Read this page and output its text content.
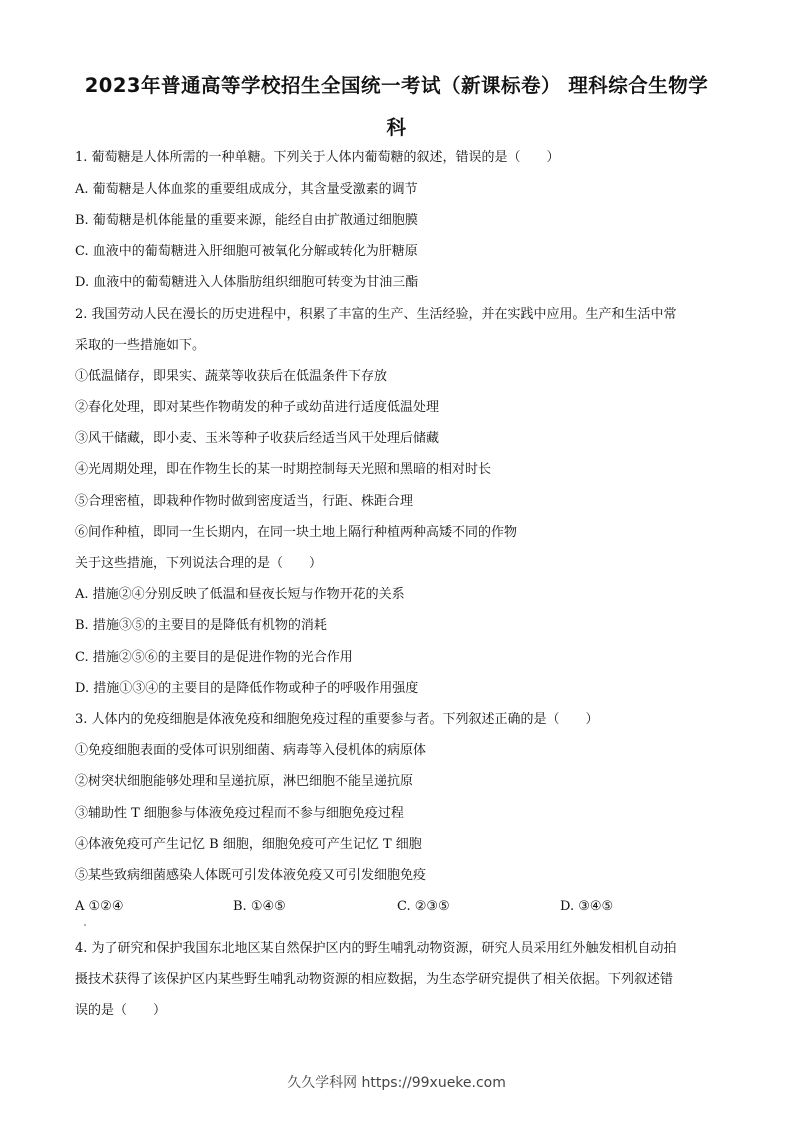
2023年普通高等学校招生全国统一考试（新课标卷） 理科综合生物学
科
1. 葡萄糖是人体所需的一种单糖。下列关于人体内葡萄糖的叙述，错误的是（　　）
A. 葡萄糖是人体血浆的重要组成成分，其含量受激素的调节
B. 葡萄糖是机体能量的重要来源，能经自由扩散通过细胞膜
C. 血液中的葡萄糖进入肝细胞可被氧化分解或转化为肝糖原
D. 血液中的葡萄糖进入人体脂肪组织细胞可转变为甘油三酯
2. 我国劳动人民在漫长的历史进程中，积累了丰富的生产、生活经验，并在实践中应用。生产和生活中常
采取的一些措施如下。
①低温储存，即果实、蔬菜等收获后在低温条件下存放
②春化处理，即对某些作物萌发的种子或幼苗进行适度低温处理
③风干储藏，即小麦、玉米等种子收获后经适当风干处理后储藏
④光周期处理，即在作物生长的某一时期控制每天光照和黑暗的相对时长
⑤合理密植，即栽种作物时做到密度适当，行距、株距合理
⑥间作种植，即同一生长期内，在同一块土地上隔行种植两种高矮不同的作物
关于这些措施，下列说法合理的是（　　）
A. 措施②④分别反映了低温和昼夜长短与作物开花的关系
B. 措施③⑤的主要目的是降低有机物的消耗
C. 措施②⑤⑥的主要目的是促进作物的光合作用
D. 措施①③④的主要目的是降低作物或种子的呼吸作用强度
3. 人体内的免疫细胞是体液免疫和细胞免疫过程的重要参与者。下列叙述正确的是（　　）
①免疫细胞表面的受体可识别细菌、病毒等入侵机体的病原体
②树突状细胞能够处理和呈递抗原，淋巴细胞不能呈递抗原
③辅助性 T 细胞参与体液免疫过程而不参与细胞免疫过程
④体液免疫可产生记忆 B 细胞，细胞免疫可产生记忆 T 细胞
⑤某些致病细菌感染人体既可引发体液免疫又可引发细胞免疫
A ①②④	B. ①④⑤	C. ②③⑤	D. ③④⑤
4. 为了研究和保护我国东北地区某自然保护区内的野生哺乳动物资源，研究人员采用红外触发相机自动拍
摄技术获得了该保护区内某些野生哺乳动物资源的相应数据，为生态学研究提供了相关依据。下列叙述错
误的是（　　）
久久学科网 https://99xueke.com
